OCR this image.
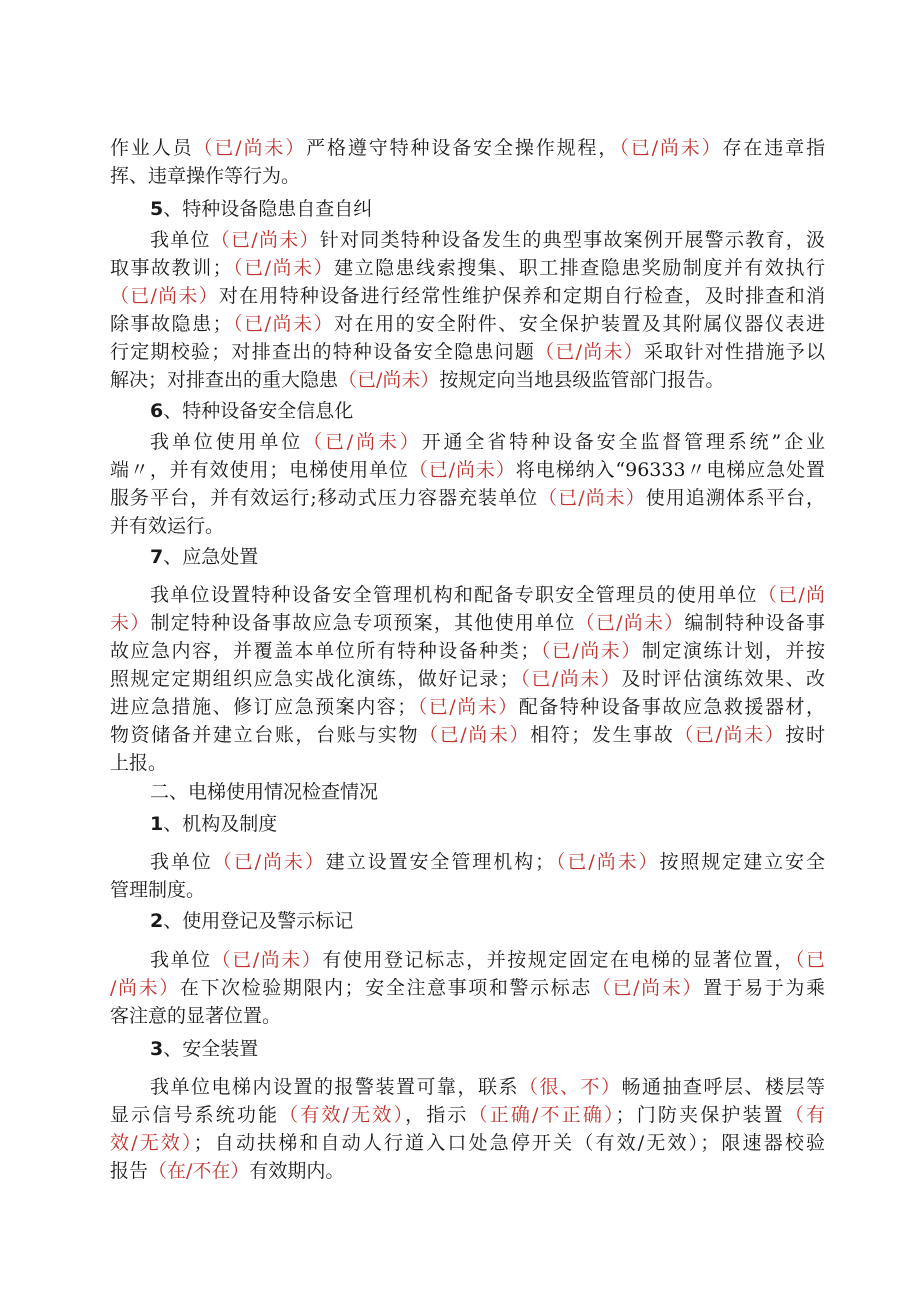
作业人员（已/尚未）严格遵守特种设备安全操作规程，（已/尚未）存在违章指
挥、违章操作等行为。
5、特种设备隐患自查自纠
我单位（已/尚未）针对同类特种设备发生的典型事故案例开展警示教育，汲
取事故教训；（已/尚未）建立隐患线索搜集、职工排查隐患奖励制度并有效执行
（已/尚未）对在用特种设备进行经常性维护保养和定期自行检查，及时排查和消
除事故隐患；（已/尚未）对在用的安全附件、安全保护装置及其附属仪器仪表进
行定期校验；对排查出的特种设备安全隐患问题（已/尚未）采取针对性措施予以
解决；对排查出的重大隐患（已/尚未）按规定向当地县级监管部门报告。
6、特种设备安全信息化
我单位使用单位（已/尚未）开通全省特种设备安全监督管理系统”企业
端〃，并有效使用；电梯使用单位（已/尚未）将电梯纳入“96333〃电梯应急处置
服务平台，并有效运行;移动式压力容器充装单位（已/尚未）使用追溯体系平台，
并有效运行。
7、应急处置
我单位设置特种设备安全管理机构和配备专职安全管理员的使用单位（已/尚
未）制定特种设备事故应急专项预案，其他使用单位（已/尚未）编制特种设备事
故应急内容，并覆盖本单位所有特种设备种类；（已/尚未）制定演练计划，并按
照规定定期组织应急实战化演练，做好记录；（已/尚未）及时评估演练效果、改
进应急措施、修订应急预案内容；（已/尚未）配备特种设备事故应急救援器材，
物资储备并建立台账，台账与实物（已/尚未）相符；发生事故（已/尚未）按时
上报。
二、电梯使用情况检查情况
1、机构及制度
我单位（已/尚未）建立设置安全管理机构；（已/尚未）按照规定建立安全
管理制度。
2、使用登记及警示标记
我单位（已/尚未）有使用登记标志，并按规定固定在电梯的显著位置，（已
/尚未）在下次检验期限内；安全注意事项和警示标志（已/尚未）置于易于为乘
客注意的显著位置。
3、安全装置
我单位电梯内设置的报警装置可靠，联系（很、不）畅通抽查呼层、楼层等
显示信号系统功能（有效/无效），指示（正确/不正确）；门防夹保护装置（有
效/无效）；自动扶梯和自动人行道入口处急停开关（有效/无效）；限速器校验
报告（在/不在）有效期内。
